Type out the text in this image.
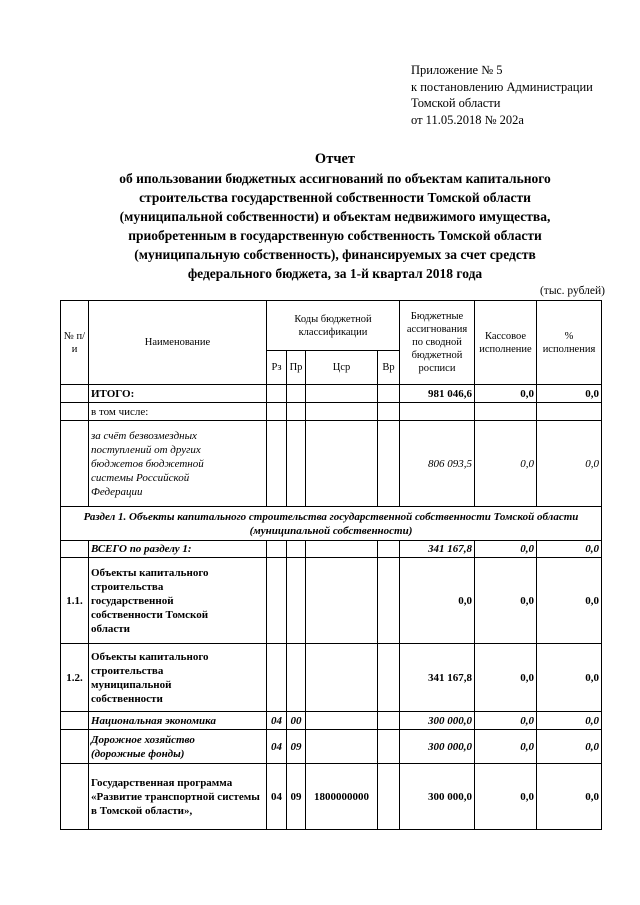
Приложение № 5
к постановлению Администрации
Томской области
от 11.05.2018 № 202а
Отчет
об ипользовании бюджетных ассигнований по объектам капитального
строительства государственной собственности Томской области
(муниципальной собственности) и объектам недвижимого имущества,
приобретенным в государственную собственность Томской области
(муниципальную собственность), финансируемых за счет средств
федерального бюджета, за 1-й квартал 2018 года
(тыс. рублей)
№ п/и	Наименование	Коды бюджетной классификации				Бюджетные ассигнования по сводной бюджетной росписи	Кассовое исполнение	% исполнения
		Рз	Пр	Цср	Вр			
	ИТОГО:					981 046,6	0,0	0,0
	в том числе:							
	за счёт безвозмездных поступлений от других бюджетов бюджетной системы Российской Федерации					806 093,5	0,0	0,0
Раздел 1. Объекты капитального строительства государственной собственности Томской области (муниципальной собственности)								
	ВСЕГО по разделу 1:					341 167,8	0,0	0,0
1.1.	Объекты капитального строительства государственной собственности Томской области					0,0	0,0	0,0
1.2.	Объекты капитального строительства муниципальной собственности					341 167,8	0,0	0,0
	Национальная экономика	04	00			300 000,0	0,0	0,0
	Дорожное хозяйство (дорожные фонды)	04	09			300 000,0	0,0	0,0
	Государственная программа «Развитие транспортной системы в Томской области»,	04	09	1800000000		300 000,0	0,0	0,0
